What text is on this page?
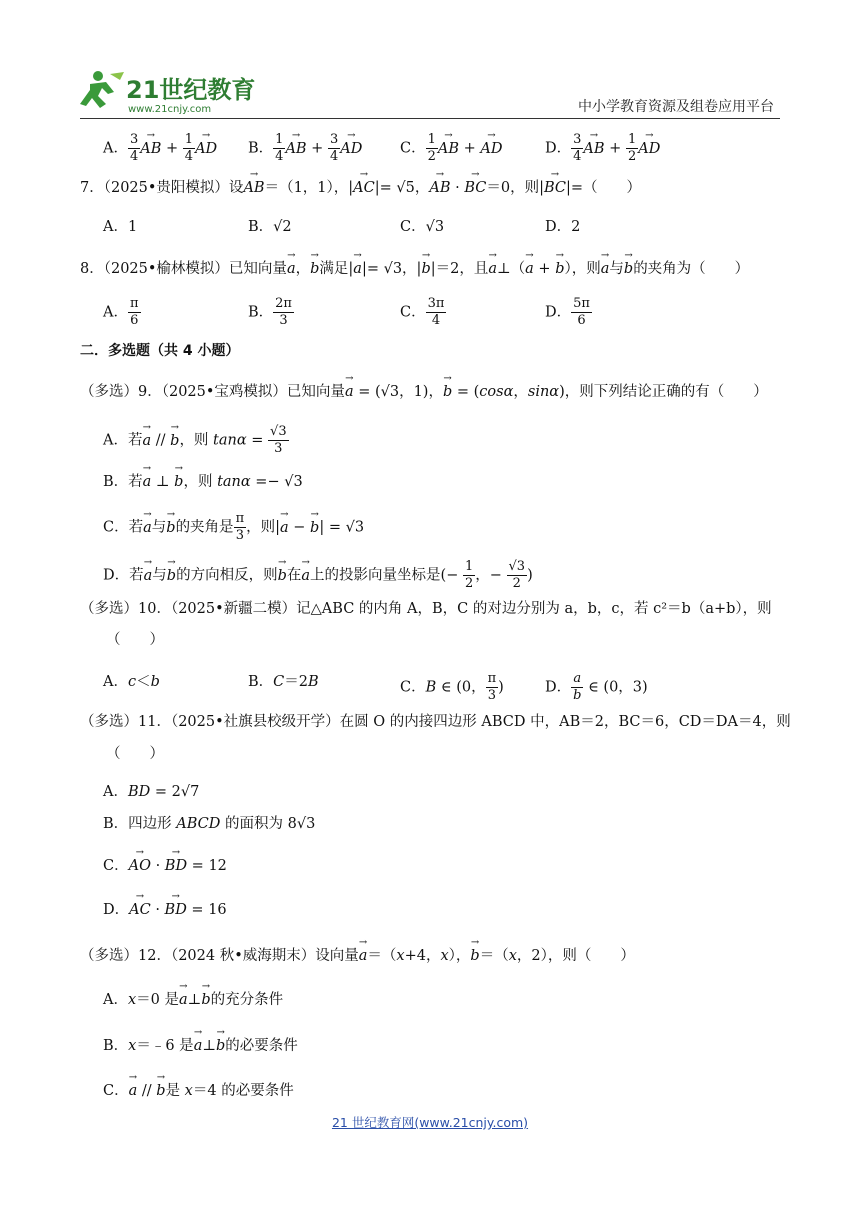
21世纪教育
www.21cnjy.com	中小学教育资源及组卷应用平台
A． $\frac{3}{4}$ → AB + $\frac{1}{4}$ → AD B． $\frac{1}{4}$ → AB + $\frac{3}{4}$ → AD	C． $\frac{1}{2}$ → AB + → AD	D． $\frac{3}{4}$ → AB + $\frac{1}{2}$ → AD
7．（2025•贵阳模拟）设→ AB＝（1，1），|→ AC|= √5，→ AB · → BC＝0，则|→ BC|=（　　）
A．1	B．√2	C．√3	D．2
8．（2025•榆林模拟）已知向量→ a，→ b满足|→ a|= √3，|→ b|＝2，且→ a⊥（→ a + → b），则→ a与→ b的夹角为（　　）
A． $\frac{\pi}{6}$	B． $\frac{2\pi}{3}$	C． $\frac{3\pi}{4}$	D． $\frac{5\pi}{6}$
二．多选题（共 4 小题）
（多选）9．（2025•宝鸡模拟）已知向量→ a = (√3，1)，→ b = (cosα，sinα)，则下列结论正确的有（　　）
A．若→ a // → b，则 $\tan\alpha = \frac{√3}{3}$
B．若→ a ⊥ → b，则 tanα =− √3
C．若→ a与→ b的夹角是 $\frac{\pi}{3}$ ，则|→ a − → b| = √3
D．若→ a与→ b的方向相反，则→ b在→ a上的投影向量坐标是(− $\frac{1}{2}$ ，− $\frac{√3}{2}$ )
（多选）10．（2025•新疆二模）记△ABC 的内角 A，B，C 的对边分别为 a，b，c，若 c²＝b（a+b），则
（　　）
A．c＜b	B．C＝2B	C．B ∈ (0， $\frac{\pi}{3}$ )	D． $\frac{a}{b}$ ∈ (0，3)
（多选）11．（2025•社旗县校级开学）在圆 O 的内接四边形 ABCD 中，AB＝2，BC＝6，CD＝DA＝4，则
（　　）
A．BD = 2√7
B．四边形 ABCD 的面积为 8√3
C．→ AO · → BD = 12
D．→ AC · → BD = 16
（多选）12．（2024 秋•威海期末）设向量→ a＝（x+4，x），→ b＝（x，2），则（　　）
A．x＝0 是→ a⊥→ b的充分条件
B．x＝﹣6 是→ a⊥→ b的必要条件
C．→ a // → b是 x＝4 的必要条件
21 世纪教育网(www.21cnjy.com)
